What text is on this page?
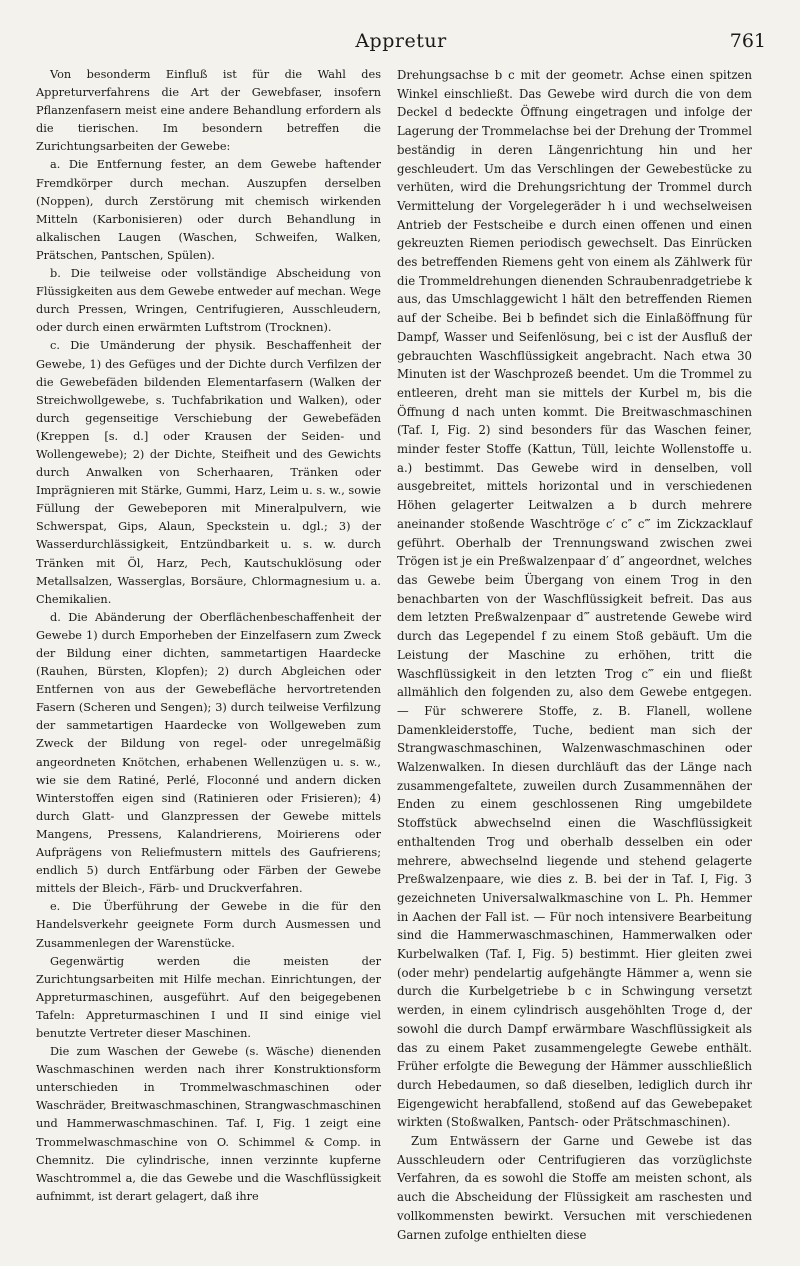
Appretur	761

Von besonderm Einfluß ist für die Wahl des Appreturverfahrens die Art der Gewebfaser, insofern Pflanzenfasern meist eine andere Behandlung erfordern als die tierischen. Im besondern betreffen die Zurichtungsarbeiten der Gewebe:

a. Die Entfernung fester, an dem Gewebe haftender Fremdkörper durch mechan. Auszupfen derselben (Noppen), durch Zerstörung mit chemisch wirkenden Mitteln (Karbonisieren) oder durch Behandlung in alkalischen Laugen (Waschen, Schweifen, Walken, Prätschen, Pantschen, Spülen).

b. Die teilweise oder vollständige Abscheidung von Flüssigkeiten aus dem Gewebe entweder auf mechan. Wege durch Pressen, Wringen, Centrifugieren, Ausschleudern, oder durch einen erwärmten Luftstrom (Trocknen).

c. Die Umänderung der physik. Beschaffenheit der Gewebe, 1) des Gefüges und der Dichte durch Verfilzen der die Gewebefäden bildenden Elementarfasern (Walken der Streichwollgewebe, s. Tuchfabrikation und Walken), oder durch gegenseitige Verschiebung der Gewebefäden (Kreppen [s. d.] oder Krausen der Seiden- und Wollengewebe); 2) der Dichte, Steifheit und des Gewichts durch Anwalken von Scherhaaren, Tränken oder Imprägnieren mit Stärke, Gummi, Harz, Leim u. s. w., sowie Füllung der Gewebeporen mit Mineralpulvern, wie Schwerspat, Gips, Alaun, Speckstein u. dgl.; 3) der Wasserdurchlässigkeit, Entzündbarkeit u. s. w. durch Tränken mit Öl, Harz, Pech, Kautschuklösung oder Metallsalzen, Wasserglas, Borsäure, Chlormagnesium u. a. Chemikalien.

d. Die Abänderung der Oberflächenbeschaffenheit der Gewebe 1) durch Emporheben der Einzelfasern zum Zweck der Bildung einer dichten, sammetartigen Haardecke (Rauhen, Bürsten, Klopfen); 2) durch Abgleichen oder Entfernen von aus der Gewebefläche hervortretenden Fasern (Scheren und Sengen); 3) durch teilweise Verfilzung der sammetartigen Haardecke von Wollgeweben zum Zweck der Bildung von regel- oder unregelmäßig angeordneten Knötchen, erhabenen Wellenzügen u. s. w., wie sie dem Ratiné, Perlé, Floconné und andern dicken Winterstoffen eigen sind (Ratinieren oder Frisieren); 4) durch Glatt- und Glanzpressen der Gewebe mittels Mangens, Pressens, Kalandrierens, Moirierens oder Aufprägens von Reliefmustern mittels des Gaufrierens; endlich 5) durch Entfärbung oder Färben der Gewebe mittels der Bleich-, Färb- und Druckverfahren.

e. Die Überführung der Gewebe in die für den Handelsverkehr geeignete Form durch Ausmessen und Zusammenlegen der Warenstücke.

Gegenwärtig werden die meisten der Zurichtungsarbeiten mit Hilfe mechan. Einrichtungen, der Appreturmaschinen, ausgeführt. Auf den beigegebenen Tafeln: Appreturmaschinen I und II sind einige viel benutzte Vertreter dieser Maschinen.

Die zum Waschen der Gewebe (s. Wäsche) dienenden Waschmaschinen werden nach ihrer Konstruktionsform unterschieden in Trommelwaschmaschinen oder Waschräder, Breitwaschmaschinen, Strangwaschmaschinen und Hammerwaschmaschinen. Taf. I, Fig. 1 zeigt eine Trommelwaschmaschine von O. Schimmel & Comp. in Chemnitz. Die cylindrische, innen verzinnte kupferne Waschtrommel a, die das Gewebe und die Waschflüssigkeit aufnimmt, ist derart gelagert, daß ihre

Drehungsachse b c mit der geometr. Achse einen spitzen Winkel einschließt. Das Gewebe wird durch die von dem Deckel d bedeckte Öffnung eingetragen und infolge der Lagerung der Trommelachse bei der Drehung der Trommel beständig in deren Längenrichtung hin und her geschleudert. Um das Verschlingen der Gewebestücke zu verhüten, wird die Drehungsrichtung der Trommel durch Vermittelung der Vorgelegeräder h i und wechselweisen Antrieb der Festscheibe e durch einen offenen und einen gekreuzten Riemen periodisch gewechselt. Das Einrücken des betreffenden Riemens geht von einem als Zählwerk für die Trommeldrehungen dienenden Schraubenradgetriebe k aus, das Umschlaggewicht l hält den betreffenden Riemen auf der Scheibe. Bei b befindet sich die Einlaßöffnung für Dampf, Wasser und Seifenlösung, bei c ist der Ausfluß der gebrauchten Waschflüssigkeit angebracht. Nach etwa 30 Minuten ist der Waschprozeß beendet. Um die Trommel zu entleeren, dreht man sie mittels der Kurbel m, bis die Öffnung d nach unten kommt. Die Breitwaschmaschinen (Taf. I, Fig. 2) sind besonders für das Waschen feiner, minder fester Stoffe (Kattun, Tüll, leichte Wollenstoffe u. a.) bestimmt. Das Gewebe wird in denselben, voll ausgebreitet, mittels horizontal und in verschiedenen Höhen gelagerter Leitwalzen a b durch mehrere aneinander stoßende Waschtröge c′ c″ c‴ im Zickzacklauf geführt. Oberhalb der Trennungswand zwischen zwei Trögen ist je ein Preßwalzenpaar d′ d″ angeordnet, welches das Gewebe beim Übergang von einem Trog in den benachbarten von der Waschflüssigkeit befreit. Das aus dem letzten Preßwalzenpaar d‴ austretende Gewebe wird durch das Legependel f zu einem Stoß gebäuft. Um die Leistung der Maschine zu erhöhen, tritt die Waschflüssigkeit in den letzten Trog c‴ ein und fließt allmählich den folgenden zu, also dem Gewebe entgegen. — Für schwerere Stoffe, z. B. Flanell, wollene Damenkleiderstoffe, Tuche, bedient man sich der Strangwaschmaschinen, Walzenwaschmaschinen oder Walzenwalken. In diesen durchläuft das der Länge nach zusammengefaltete, zuweilen durch Zusammennähen der Enden zu einem geschlossenen Ring umgebildete Stoffstück abwechselnd einen die Waschflüssigkeit enthaltenden Trog und oberhalb desselben ein oder mehrere, abwechselnd liegende und stehend gelagerte Preßwalzenpaare, wie dies z. B. bei der in Taf. I, Fig. 3 gezeichneten Universalwalkmaschine von L. Ph. Hemmer in Aachen der Fall ist. — Für noch intensivere Bearbeitung sind die Hammerwaschmaschinen, Hammerwalken oder Kurbelwalken (Taf. I, Fig. 5) bestimmt. Hier gleiten zwei (oder mehr) pendelartig aufgehängte Hämmer a, wenn sie durch die Kurbelgetriebe b c in Schwingung versetzt werden, in einem cylindrisch ausgehöhlten Troge d, der sowohl die durch Dampf erwärmbare Waschflüssigkeit als das zu einem Paket zusammengelegte Gewebe enthält. Früher erfolgte die Bewegung der Hämmer ausschließlich durch Hebedaumen, so daß dieselben, lediglich durch ihr Eigengewicht herabfallend, stoßend auf das Gewebepaket wirkten (Stoßwalken, Pantsch- oder Prätschmaschinen).

Zum Entwässern der Garne und Gewebe ist das Ausschleudern oder Centrifugieren das vorzüglichste Verfahren, da es sowohl die Stoffe am meisten schont, als auch die Abscheidung der Flüssigkeit am raschesten und vollkommensten bewirkt. Versuchen mit verschiedenen Garnen zufolge enthielten diese
